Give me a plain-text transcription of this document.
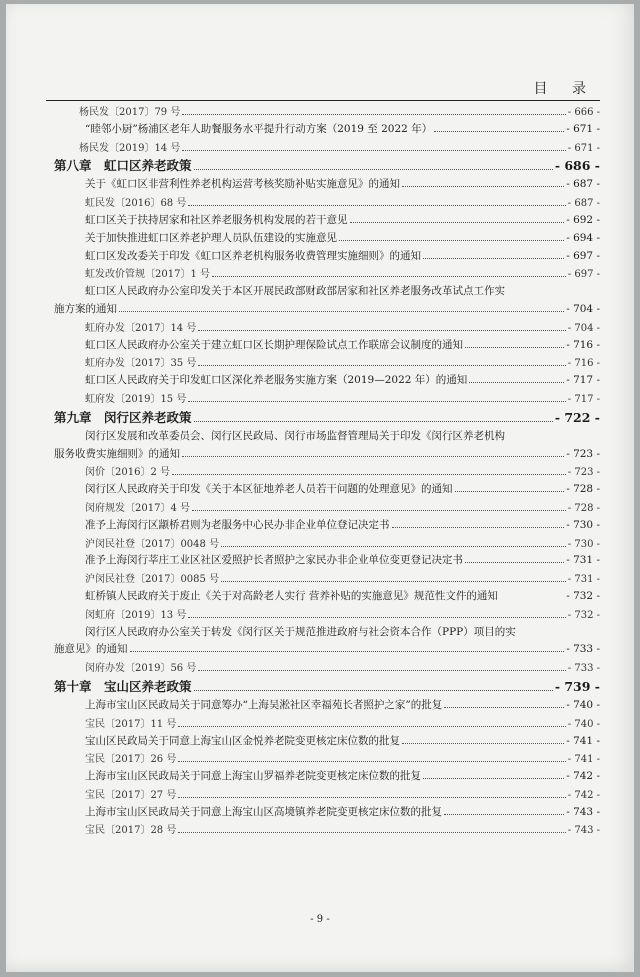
目 录
杨民发〔2017〕79 号	- 666 -
“睦邻小厨”杨浦区老年人助餐服务水平提升行动方案（2019 至 2022 年）	- 671 -
杨民发〔2019〕14 号	- 671 -
第八章　虹口区养老政策	- 686 -
关于《虹口区非营利性养老机构运营考核奖励补贴实施意见》的通知	- 687 -
虹民发〔2016〕68 号	- 687 -
虹口区关于扶持居家和社区养老服务机构发展的若干意见	- 692 -
关于加快推进虹口区养老护理人员队伍建设的实施意见	- 694 -
虹口区发改委关于印发《虹口区养老机构服务收费管理实施细则》的通知	- 697 -
虹发改价管规〔2017〕1 号	- 697 -
虹口区人民政府办公室印发关于本区开展民政部财政部居家和社区养老服务改革试点工作实
施方案的通知	- 704 -
虹府办发〔2017〕14 号	- 704 -
虹口区人民政府办公室关于建立虹口区长期护理保险试点工作联席会议制度的通知	- 716 -
虹府办发〔2017〕35 号	- 716 -
虹口区人民政府关于印发虹口区深化养老服务实施方案（2019—2022 年）的通知	- 717 -
虹府发〔2019〕15 号	- 717 -
第九章　闵行区养老政策	- 722 -
闵行区发展和改革委员会、闵行区民政局、闵行市场监督管理局关于印发《闵行区养老机构
服务收费实施细则》的通知	- 723 -
闵价〔2016〕2 号	- 723 -
闵行区人民政府关于印发《关于本区征地养老人员若干问题的处理意见》的通知	- 728 -
闵府规发〔2017〕4 号	- 728 -
准予上海闵行区颛桥君则为老服务中心民办非企业单位登记决定书	- 730 -
沪闵民社登〔2017〕0048 号	- 730 -
准予上海闵行莘庄工业区社区爱照护长者照护之家民办非企业单位变更登记决定书	- 731 -
沪闵民社登〔2017〕0085 号	- 731 -
虹桥镇人民政府关于废止《关于对高龄老人实行 营养补贴的实施意见》规范性文件的通知	- 732 -
闵虹府〔2019〕13 号	- 732 -
闵行区人民政府办公室关于转发《闵行区关于规范推进政府与社会资本合作（PPP）项目的实
施意见》的通知	- 733 -
闵府办发〔2019〕56 号	- 733 -
第十章　宝山区养老政策	- 739 -
上海市宝山区民政局关于同意筹办“上海吴淞社区幸福苑长者照护之家”的批复	- 740 -
宝民〔2017〕11 号	- 740 -
宝山区民政局关于同意上海宝山区金悦养老院变更核定床位数的批复	- 741 -
宝民〔2017〕26 号	- 741 -
上海市宝山区民政局关于同意上海宝山罗福养老院变更核定床位数的批复	- 742 -
宝民〔2017〕27 号	- 742 -
上海市宝山区民政局关于同意上海宝山区高境镇养老院变更核定床位数的批复	- 743 -
宝民〔2017〕28 号	- 743 -
- 9 -
